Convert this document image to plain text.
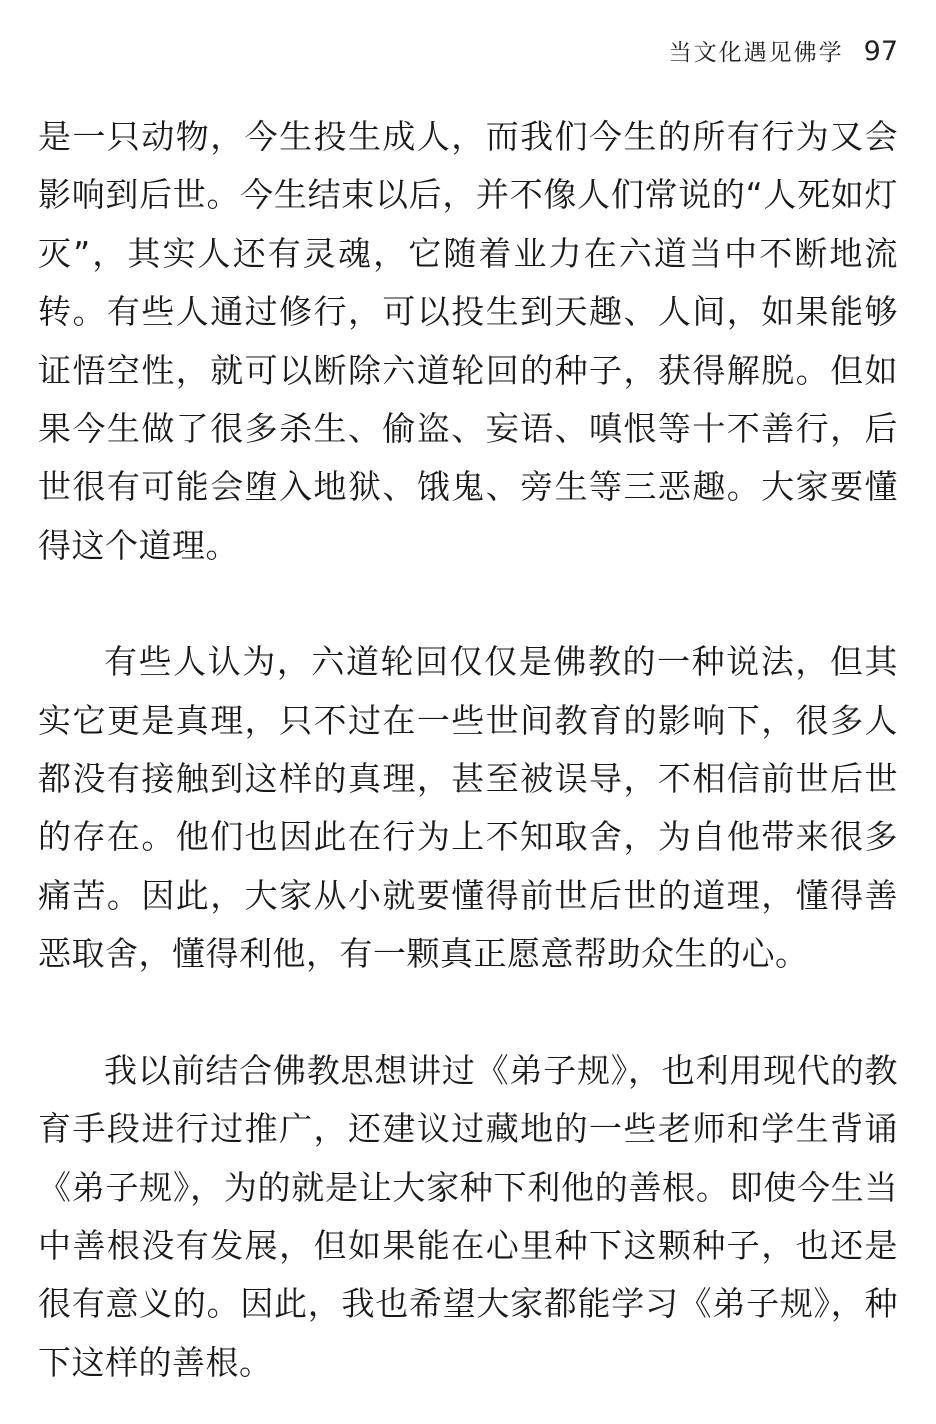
当文化遇见佛学 97

是一只动物，今生投生成人，而我们今生的所有行为又会影响到后世。今生结束以后，并不像人们常说的“人死如灯灭”，其实人还有灵魂，它随着业力在六道当中不断地流转。有些人通过修行，可以投生到天趣、人间，如果能够证悟空性，就可以断除六道轮回的种子，获得解脱。但如果今生做了很多杀生、偷盗、妄语、嗔恨等十不善行，后世很有可能会堕入地狱、饿鬼、旁生等三恶趣。大家要懂得这个道理。

有些人认为，六道轮回仅仅是佛教的一种说法，但其实它更是真理，只不过在一些世间教育的影响下，很多人都没有接触到这样的真理，甚至被误导，不相信前世后世的存在。他们也因此在行为上不知取舍，为自他带来很多痛苦。因此，大家从小就要懂得前世后世的道理，懂得善恶取舍，懂得利他，有一颗真正愿意帮助众生的心。

我以前结合佛教思想讲过《弟子规》，也利用现代的教育手段进行过推广，还建议过藏地的一些老师和学生背诵《弟子规》，为的就是让大家种下利他的善根。即使今生当中善根没有发展，但如果能在心里种下这颗种子，也还是很有意义的。因此，我也希望大家都能学习《弟子规》，种下这样的善根。
